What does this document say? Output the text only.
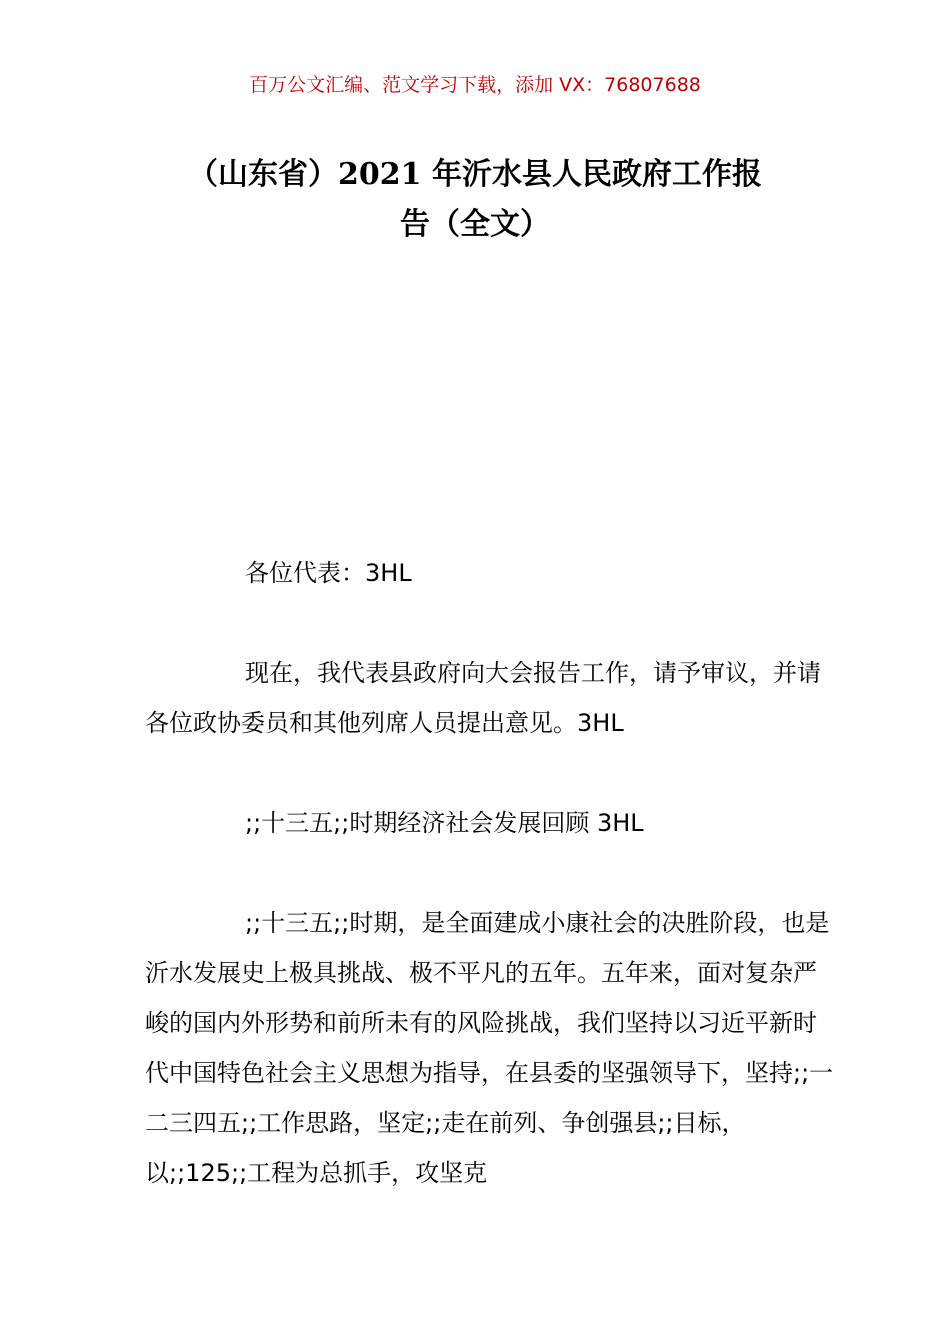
百万公文汇编、范文学习下载，添加 VX：76807688
（山东省）2021 年沂水县人民政府工作报
告（全文）

各位代表：3HL

现在，我代表县政府向大会报告工作，请予审议，并请各位政协委员和其他列席人员提出意见。3HL

;;十三五;;时期经济社会发展回顾 3HL

;;十三五;;时期，是全面建成小康社会的决胜阶段，也是沂水发展史上极具挑战、极不平凡的五年。五年来，面对复杂严峻的国内外形势和前所未有的风险挑战，我们坚持以习近平新时代中国特色社会主义思想为指导，在县委的坚强领导下，坚持;;一二三四五;;工作思路，坚定;;走在前列、争创强县;;目标，以;;125;;工程为总抓手，攻坚克
